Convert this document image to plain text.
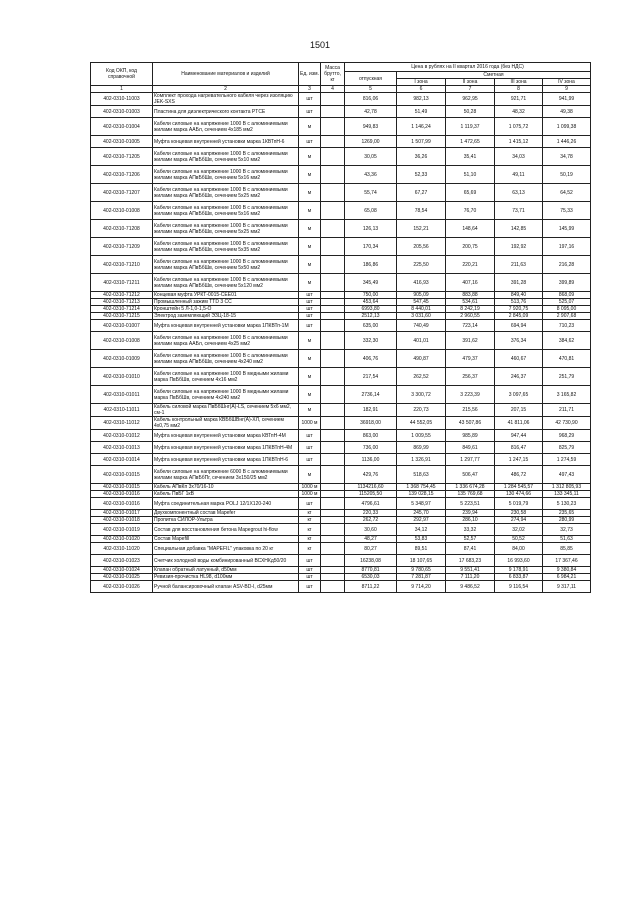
1501
Код ОКП, код справочной	Наименование материалов и изделий	Ед. изм.	Масса брутто, кг	Цена в рублях на II квартал 2016 года (без НДС)				
				отпускная	Сметная			
					I зона	II зона	III зона	IV зона
1	2	3	4	5	6	7	8	9
402-0310-11003	Комплект прохода нагревательного кабеля через изоляцию JEK-SXS	шт		816,06	982,13	962,95	921,71	941,99
402-0310-01003	Пластина для диэлектрического контакта PTCE	шт		42,78	51,49	50,28	48,32	49,38
402-0310-01004	Кабели силовые на напряжение 1000 В с алюминиевыми жилами марка ААБл, сечением 4х185 мм2	м		949,83	1 146,24	1 119,37	1 075,72	1 099,38
402-0310-01005	Муфта концевая внутренней установки марка 1КВТпН-6	шт		1269,00	1 507,99	1 472,65	1 415,12	1 446,26
402-0310-71205	Кабели силовые на напряжение 1000 В с алюминиевыми жилами марка АПвБбШв, сечением 5х10 мм2	м		30,05	36,26	35,41	34,03	34,78
402-0310-71206	Кабели силовые на напряжение 1000 В с алюминиевыми жилами марка АПвБбШв, сечением 5х16 мм2	м		43,36	52,33	51,10	49,11	50,19
402-0310-71207	Кабели силовые на напряжение 1000 В с алюминиевыми жилами марка АПвБбШв, сечением 5х25 мм2	м		55,74	67,27	65,69	63,13	64,52
402-0310-01008	Кабели силовые на напряжение 1000 В с алюминиевыми жилами марка АПвБбШв, сечением 5х16 мм2	м		65,08	78,54	76,70	73,71	75,33
402-0310-71208	Кабели силовые на напряжение 1000 В с алюминиевыми жилами марка АПвБбШв, сечением 5х25 мм2	м		126,13	152,21	148,64	142,85	145,99
402-0310-71209	Кабели силовые на напряжение 1000 В с алюминиевыми жилами марка АПвБбШв, сечением 5х35 мм2	м		170,34	205,56	200,75	192,92	197,16
402-0310-71210	Кабели силовые на напряжение 1000 В с алюминиевыми жилами марка АПвБбШв, сечением 5х50 мм2	м		186,86	225,50	220,21	211,63	216,28
402-0310-71211	Кабели силовые на напряжение 1000 В с алюминиевыми жилами марка АПвБбШв, сечением 5х120 мм2	м		345,49	416,93	407,16	391,28	399,89
402-0310-71212	Концевая муфта УРКТ-0015-СЕЕ01	шт		750,00	905,09	883,88	849,40	868,09
402-0310-71213	Промышленный зажим ТТD 3 СС	шт		453,64	547,45	534,61	513,76	525,07
402-0310-71214	Кронштейн 5 Л-1,0-1,5-О	шт		6993,80	8 440,01	8 242,19	7 920,75	8 095,00
402-0310-71215	Электрод заземляющий ЭЗЦ-18-15	шт		2512,13	3 031,60	2 960,55	2 845,09	2 907,68
402-0310-01007	Муфта концевая внутренней установки марка 1ПКВТп-1М	шт		635,00	740,49	723,14	694,94	710,23
402-0310-01008	Кабели силовые на напряжение 1000 В с алюминиевыми жилами марка ААБл, сечением 4х25 мм2	м		332,30	401,01	391,62	376,34	384,62
402-0310-01009	Кабели силовые на напряжение 1000 В с алюминиевыми жилами марка АПвБбШв, сечением 4х240 мм2	м		406,76	490,87	479,37	460,67	470,81
402-0310-01010	Кабели силовые на напряжение 1000 В медными жилами марка ПвБбШв, сечением 4х16 мм2	м		217,54	262,52	256,37	246,37	251,79
402-0310-01011	Кабели силовые на напряжение 1000 В медными жилами марка ПвБбШв, сечением 4х240 мм2	м		2736,14	3 300,72	3 223,39	3 097,65	3 165,82
402-0310-11011	Кабель силовой марка ПвБбШнг(А)-LS, сечением 5х6 мм2, см-1	м		182,91	220,73	215,56	207,15	211,71
402-0310-11012	Кабель контрольный марка КВБбШВнг(А)-ХЛ, сечением 4х0,75 мм2	1000 м		36918,00	44 552,05	43 507,86	41 811,06	42 730,90
402-0310-01012	Муфта концевая внутренней установки марка КВТпН-4М	шт		863,00	1 009,55	985,89	947,44	968,29
402-0310-01013	Муфта концевая внутренней установки марка 1ПКВТпН-4М	шт		736,00	869,99	849,61	816,47	825,79
402-0310-01014	Муфта концевая внутренней установки марка 1ПКВТпН-6	шт		1136,00	1 326,91	1 297,77	1 247,15	1 274,59
402-0310-01015	Кабели силовые на напряжение 6000 В с алюминиевыми жилами марка АПвБбПг, сечением 3х150/25 мм2	м		429,76	518,63	506,47	486,72	497,43
402-0310-01015	Кабель АПвКп 3х70/16-10	1000 м		1134216,60	1 368 754,45	1 336 674,28	1 284 545,57	1 312 805,93
402-0310-01016	Кабель ПвБГ 1кВ	1000 м		115205,50	139 028,15	135 769,68	130 474,66	133 345,11
402-0310-01016	Муфта соединительная марка POLJ 12/1Х120-240	шт		4796,61	5 348,97	5 223,51	5 019,79	5 130,23
402-0310-01017	Двухкомпонентный состав Mapefer	кг		220,33	245,70	239,94	230,58	235,65
402-0310-01018	Пропитка СИЛОР-Ультра	кг		262,72	292,97	286,10	274,94	280,99
402-0310-01019	Состав для восстановления бетона Mapegrout hi-flow	кг		30,60	34,12	33,32	32,02	32,73
402-0310-01020	Состав Mapefill	кг		48,27	53,83	52,57	50,52	51,63
402-0310-11020	Специальная добавка "MAPEFIL" упаковка по 20 кг	кг		80,27	89,51	87,41	84,00	85,85
402-0310-01023	Счетчик холодной воды комбинированный ВСХНКд50/20	шт		16238,08	18 107,65	17 683,23	16 993,60	17 367,46
402-0310-01024	Клапан обратный латунный, d50мм	шт		8770,81	9 780,65	9 551,41	9 178,91	9 380,84
402-0310-01025	Ревизия-прочистка HL98, d100мм	шт		6530,03	7 281,87	7 111,20	6 833,87	6 984,21
402-0310-01026	Ручной балансировочный клапан ASV-BD-I, d25мм	шт		8711,22	9 714,20	9 486,52	9 116,54	9 317,11
